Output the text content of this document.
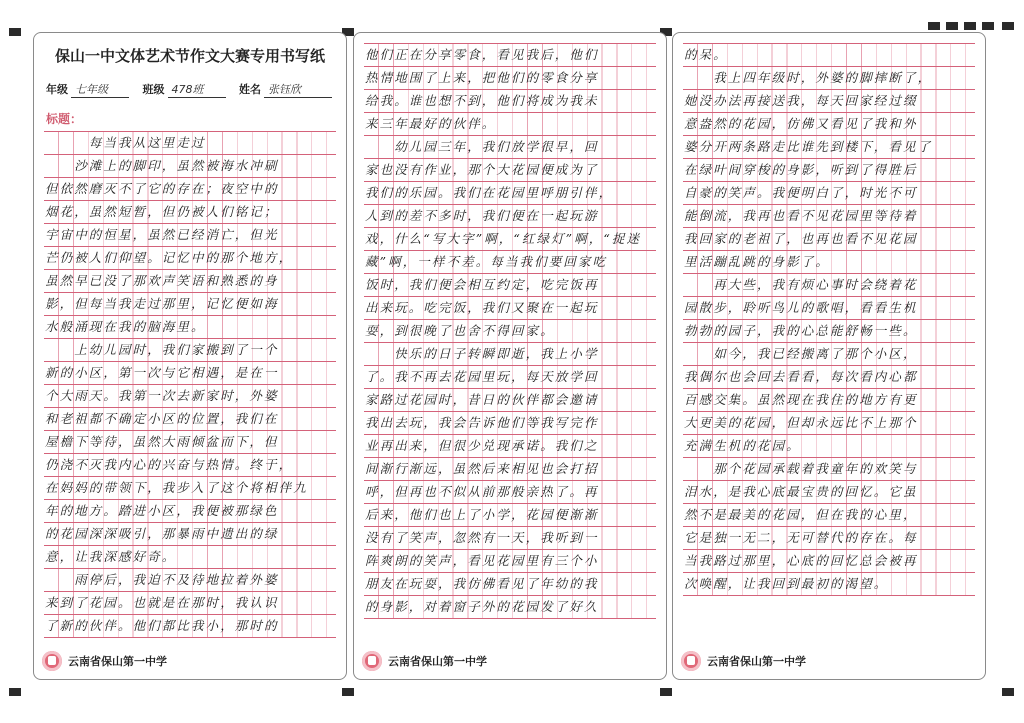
保山一中文体艺术节作文大赛专用书写纸
年级 七年级	班级 478班	姓名 张钰欣
标题：
　　　每当我从这里走过
　　沙滩上的脚印，虽然被海水冲刷
但依然磨灭不了它的存在；夜空中的
烟花，虽然短暂，但仍被人们铭记；
宇宙中的恒星，虽然已经消亡，但光
芒仍被人们仰望。记忆中的那个地方，
虽然早已没了那欢声笑语和熟悉的身
影，但每当我走过那里，记忆便如海
水般涌现在我的脑海里。
　　上幼儿园时，我们家搬到了一个
新的小区，第一次与它相遇，是在一
个大雨天。我第一次去新家时，外婆
和老祖都不确定小区的位置，我们在
屋檐下等待，虽然大雨倾盆而下，但
仍浇不灭我内心的兴奋与热情。终于，
在妈妈的带领下，我步入了这个将相伴九
年的地方。踏进小区，我便被那绿色
的花园深深吸引，那暴雨中遗出的绿
意，让我深感好奇。
　　雨停后，我迫不及待地拉着外婆
来到了花园。也就是在那时，我认识
了新的伙伴。他们都比我小，那时的
云南省保山第一中学
他们正在分享零食，看见我后，他们
热情地围了上来，把他们的零食分享
给我。谁也想不到，他们将成为我未
来三年最好的伙伴。
　　幼儿园三年，我们放学很早，回
家也没有作业，那个大花园便成为了
我们的乐园。我们在花园里呼朋引伴，
人到的差不多时，我们便在一起玩游
戏，什么“写大字”啊，“红绿灯”啊，“捉迷
藏”啊，一样不差。每当我们要回家吃
饭时，我们便会相互约定，吃完饭再
出来玩。吃完饭，我们又聚在一起玩
耍，到很晚了也舍不得回家。
　　快乐的日子转瞬即逝，我上小学
了。我不再去花园里玩，每天放学回
家路过花园时，昔日的伙伴都会邀请
我出去玩，我会告诉他们等我写完作
业再出来，但很少兑现承诺。我们之
间渐行渐远，虽然后来相见也会打招
呼，但再也不似从前那般亲热了。再
后来，他们也上了小学，花园便渐渐
没有了笑声，忽然有一天，我听到一
阵爽朗的笑声，看见花园里有三个小
朋友在玩耍，我仿佛看见了年幼的我
的身影，对着窗子外的花园发了好久
云南省保山第一中学
的呆。
　　我上四年级时，外婆的脚摔断了，
她没办法再接送我，每天回家经过缀
意盎然的花园，仿佛又看见了我和外
婆分开两条路走比谁先到楼下，看见了
在绿叶间穿梭的身影，听到了得胜后
自豪的笑声。我便明白了，时光不可
能倒流，我再也看不见花园里等待着
我回家的老祖了，也再也看不见花园
里活蹦乱跳的身影了。
　　再大些，我有烦心事时会绕着花
园散步，聆听鸟儿的歌唱，看看生机
勃勃的园子，我的心总能舒畅一些。
　　如今，我已经搬离了那个小区，
我偶尔也会回去看看，每次看内心都
百感交集。虽然现在我住的地方有更
大更美的花园，但却永远比不上那个
充满生机的花园。
　　那个花园承载着我童年的欢笑与
泪水，是我心底最宝贵的回忆。它虽
然不是最美的花园，但在我的心里，
它是独一无二，无可替代的存在。每
当我路过那里，心底的回忆总会被再
次唤醒，让我回到最初的渴望。
云南省保山第一中学
